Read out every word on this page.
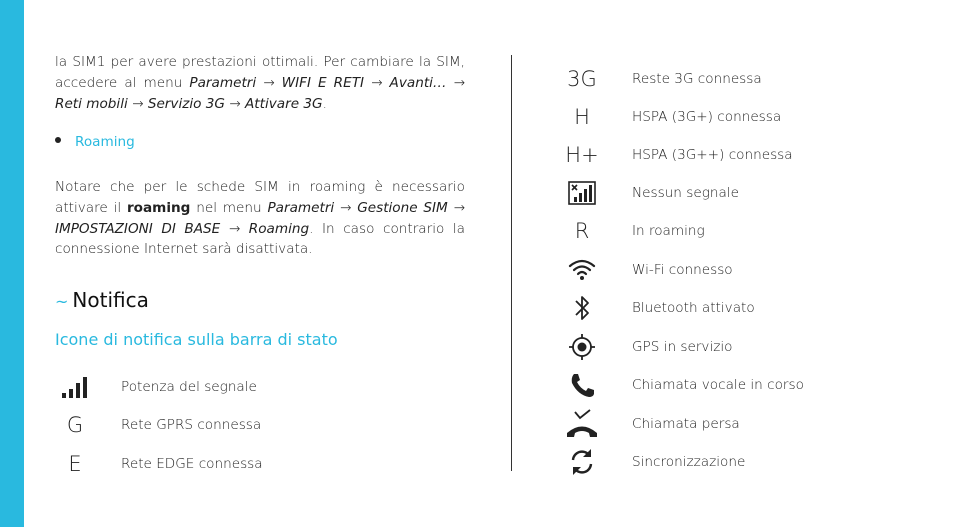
la SIM1 per avere prestazioni ottimali. Per cambiare la SIM, accedere al menu Parametri → WIFI E RETI → Avanti… → Reti mobili → Servizio 3G → Attivare 3G.

Roaming

Notare che per le schede SIM in roaming è necessario attivare il roaming nel menu Parametri → Gestione SIM → IMPOSTAZIONI DI BASE → Roaming. In caso contrario la connessione Internet sarà disattivata.

~ Notifica
Icone di notifica sulla barra di stato
Potenza del segnale
G	Rete GPRS connessa
E	Rete EDGE connessa
3G	Reste 3G connessa
H	HSPA (3G+) connessa
H+ HSPA (3G++) connessa
Nessun segnale
R	In roaming
Wi-Fi connesso
Bluetooth attivato
GPS in servizio
Chiamata vocale in corso
Chiamata persa
Sincronizzazione
